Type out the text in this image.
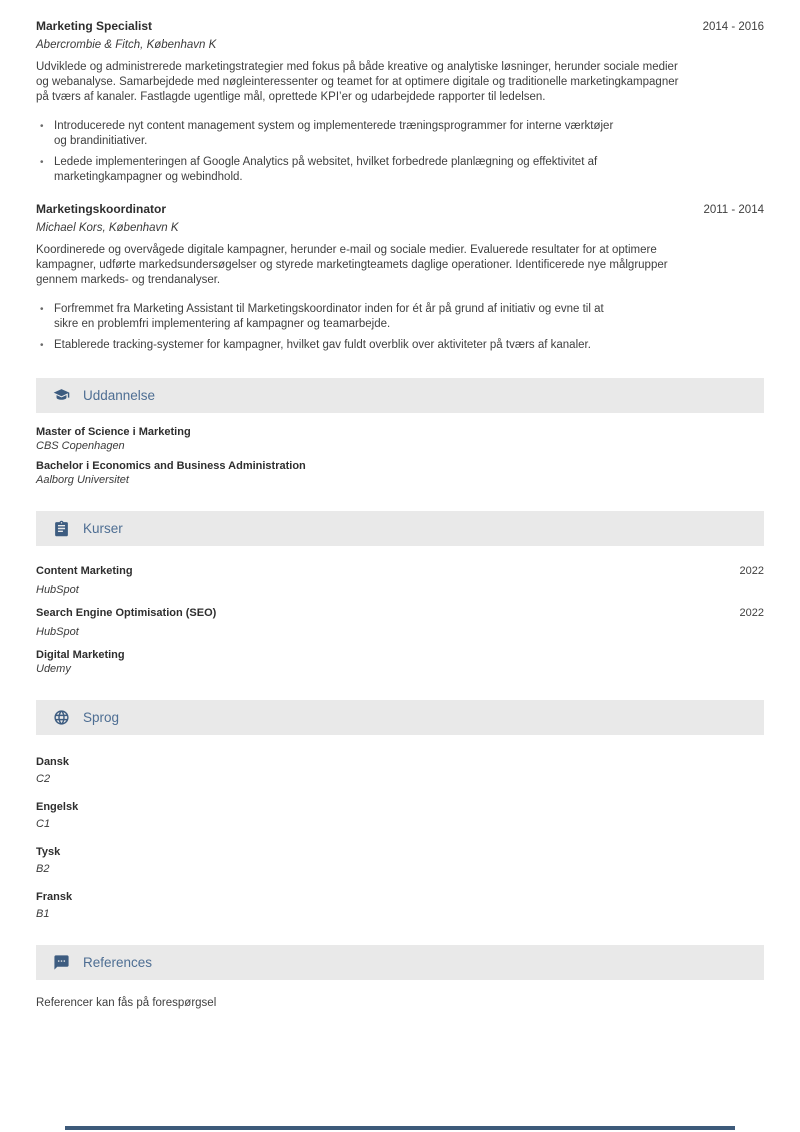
Marketing Specialist	2014 - 2016
Abercrombie & Fitch, København K

Udviklede og administrerede marketingstrategier med fokus på både kreative og analytiske løsninger, herunder sociale medier og webanalyse. Samarbejdede med nøgleinteressenter og teamet for at optimere digitale og traditionelle marketingkampagner på tværs af kanaler. Fastlagde ugentlige mål, oprettede KPI’er og udarbejdede rapporter til ledelsen.

• Introducerede nyt content management system og implementerede træningsprogrammer for interne værktøjer og brandinitiativer.
• Ledede implementeringen af Google Analytics på websitet, hvilket forbedrede planlægning og effektivitet af marketingkampagner og webindhold.
Marketingskoordinator	2011 - 2014
Michael Kors, København K

Koordinerede og overvågede digitale kampagner, herunder e-mail og sociale medier. Evaluerede resultater for at optimere kampagner, udførte markedsundersøgelser og styrede marketingteamets daglige operationer. Identificerede nye målgrupper gennem markeds- og trendanalyser.

• Forfremmet fra Marketing Assistant til Marketingskoordinator inden for ét år på grund af initiativ og evne til at sikre en problemfri implementering af kampagner og teamarbejde.
• Etablerede tracking-systemer for kampagner, hvilket gav fuldt overblik over aktiviteter på tværs af kanaler.
Uddannelse
Master of Science i Marketing
CBS Copenhagen
Bachelor i Economics and Business Administration
Aalborg Universitet
Kurser
Content Marketing	2022
HubSpot
Search Engine Optimisation (SEO)	2022
HubSpot
Digital Marketing
Udemy
Sprog
Dansk
C2
Engelsk
C1
Tysk
B2
Fransk
B1
References
Referencer kan fås på forespørgsel
